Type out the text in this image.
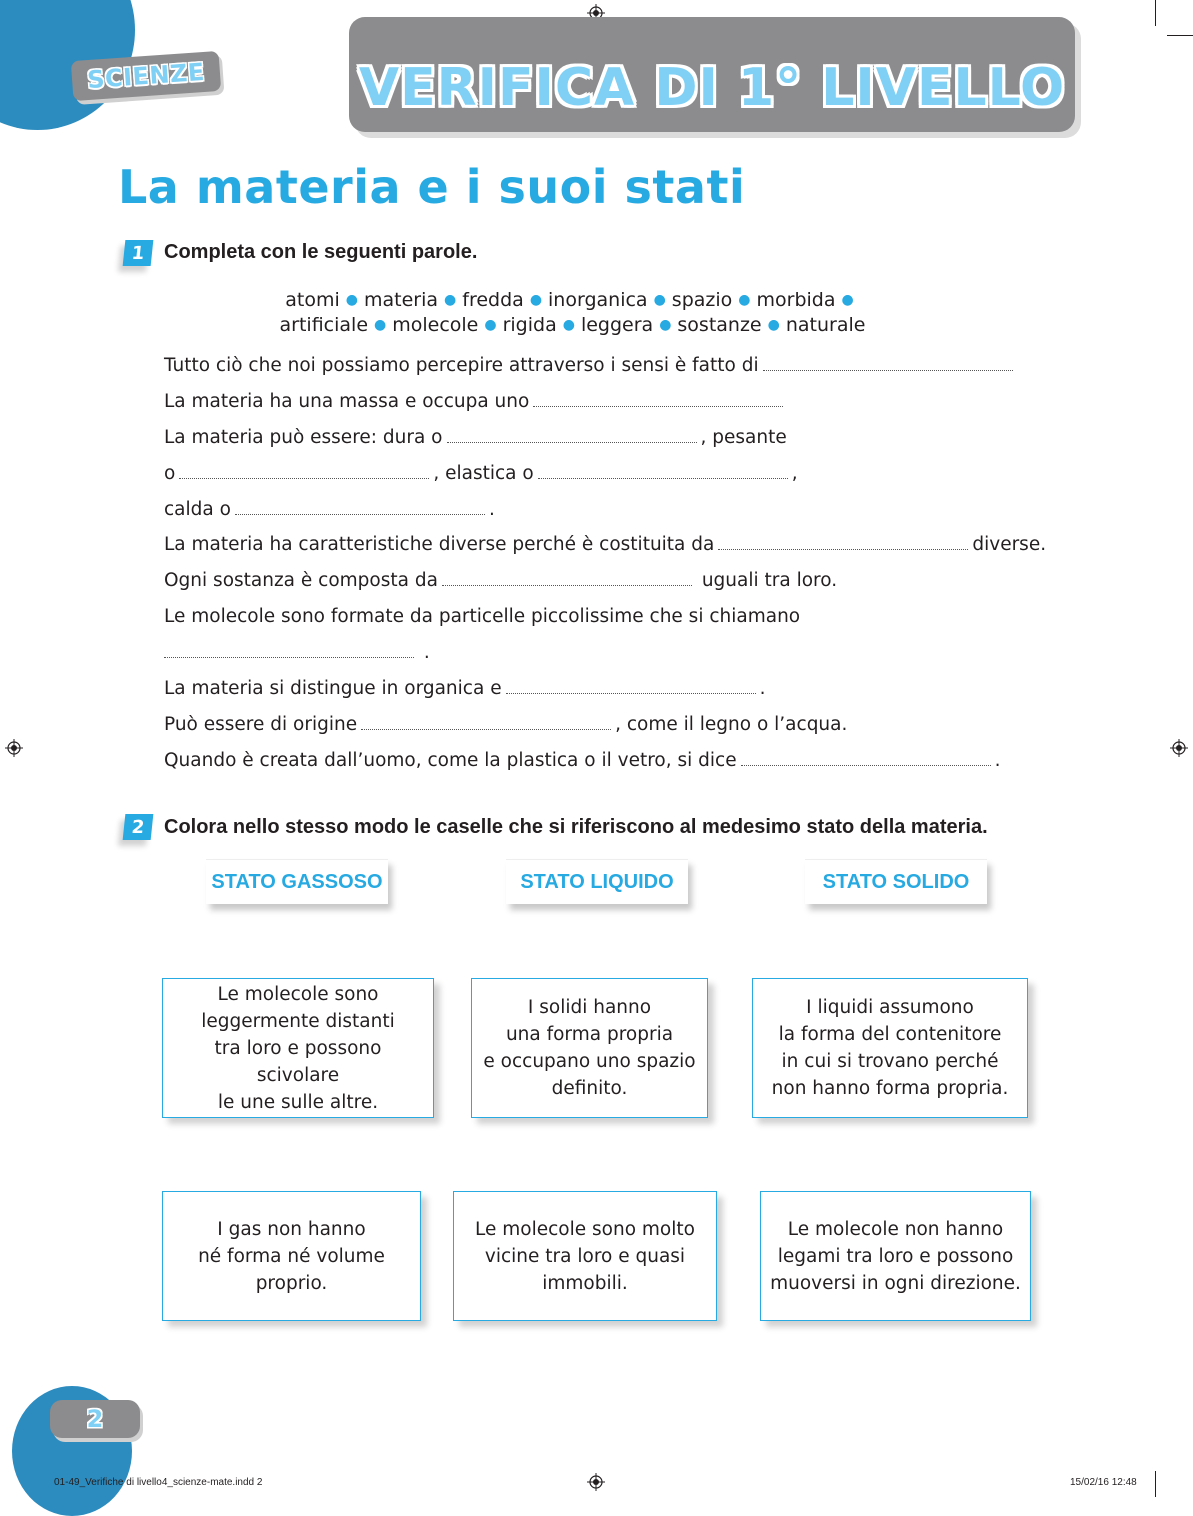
SCIENZE	VERIFICA DI 1° LIVELLO
La materia e i suoi stati
1 Completa con le seguenti parole.
atomi ● materia ● fredda ● inorganica ● spazio ● morbida ●
artificiale ● molecole ● rigida ● leggera ● sostanze ● naturale
Tutto ciò che noi possiamo percepire attraverso i sensi è fatto di
La materia ha una massa e occupa uno
La materia può essere: dura o	, pesante
o	, elastica o	,
calda o	.
La materia ha caratteristiche diverse perché è costituita da	diverse.
Ogni sostanza è composta da	uguali tra loro.
Le molecole sono formate da particelle piccolissime che si chiamano
.
La materia si distingue in organica e	.
Può essere di origine	, come il legno o l’acqua.
Quando è creata dall’uomo, come la plastica o il vetro, si dice	.
2 Colora nello stesso modo le caselle che si riferiscono al medesimo stato della materia.
STATO GASSOSO	STATO LIQUIDO	STATO SOLIDO
Le molecole sono
leggermente distanti
tra loro e possono scivolare
le une sulle altre.
I solidi hanno
una forma propria
e occupano uno spazio
definito.
I liquidi assumono
la forma del contenitore
in cui si trovano perché
non hanno forma propria.
I gas non hanno
né forma né volume
proprio.
Le molecole sono molto
vicine tra loro e quasi
immobili.
Le molecole non hanno
legami tra loro e possono
muoversi in ogni direzione.
2
01-49_Verifiche di livello4_scienze-mate.indd 2	15/02/16 12:48
